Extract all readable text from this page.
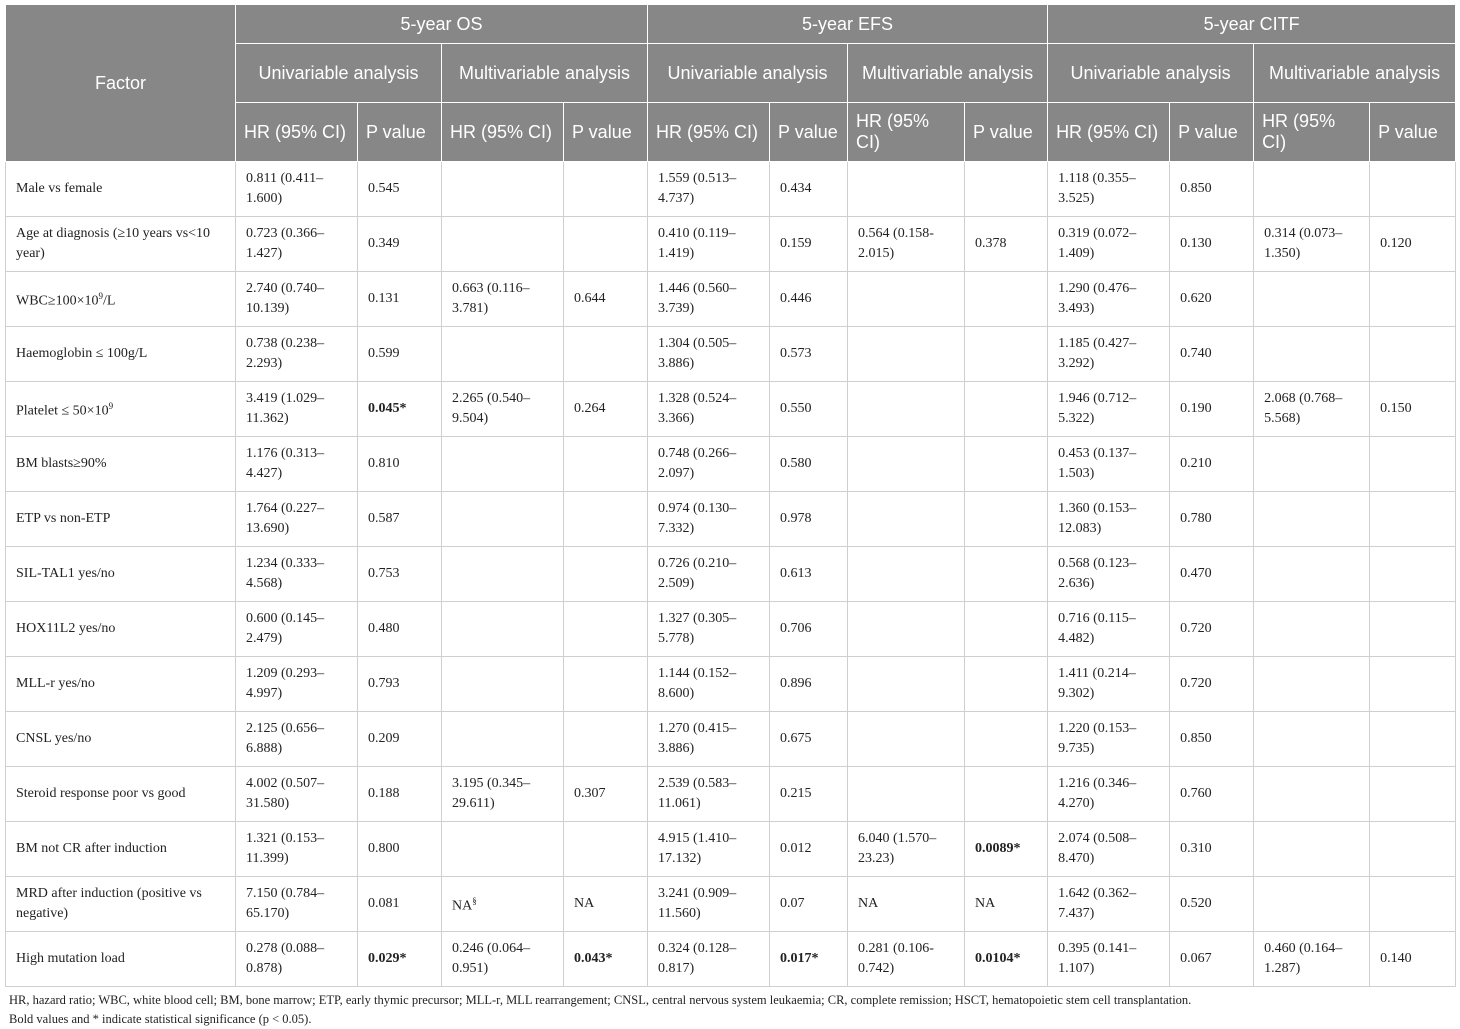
Factor	5-year OS				5-year EFS				5-year CITF			
	Univariable analysis		Multivariable analysis		Univariable analysis		Multivariable analysis		Univariable analysis		Multivariable analysis	
	HR (95% CI)	P value	HR (95% CI)	P value	HR (95% CI)	P value	HR (95% CI)	P value	HR (95% CI)	P value	HR (95% CI)	P value
Male vs female	0.811 (0.411–1.600)	0.545			1.559 (0.513–4.737)	0.434			1.118 (0.355–3.525)	0.850		
Age at diagnosis (≥10 years vs<10 year)	0.723 (0.366–1.427)	0.349			0.410 (0.119–1.419)	0.159	0.564 (0.158-2.015)	0.378	0.319 (0.072–1.409)	0.130	0.314 (0.073–1.350)	0.120
$WBC\ge 100\times 10^9/L$	2.740 (0.740–10.139)	0.131	0.663 (0.116–3.781)	0.644	1.446 (0.560–3.739)	0.446			1.290 (0.476–3.493)	0.620		
Haemoglobin ≤ 100g/L	0.738 (0.238–2.293)	0.599			1.304 (0.505–3.886)	0.573			1.185 (0.427–3.292)	0.740		
Platelet ≤ $50\times 10^9$	3.419 (1.029–11.362)	0.045*	2.265 (0.540–9.504)	0.264	1.328 (0.524–3.366)	0.550			1.946 (0.712–5.322)	0.190	2.068 (0.768–5.568)	0.150
BM blasts≥90%	1.176 (0.313–4.427)	0.810			0.748 (0.266–2.097)	0.580			0.453 (0.137–1.503)	0.210		
ETP vs non-ETP	1.764 (0.227–13.690)	0.587			0.974 (0.130–7.332)	0.978			1.360 (0.153–12.083)	0.780		
SIL-TAL1 yes/no	1.234 (0.333–4.568)	0.753			0.726 (0.210–2.509)	0.613			0.568 (0.123–2.636)	0.470		
HOX11L2 yes/no	0.600 (0.145–2.479)	0.480			1.327 (0.305–5.778)	0.706			0.716 (0.115–4.482)	0.720		
MLL-r yes/no	1.209 (0.293–4.997)	0.793			1.144 (0.152–8.600)	0.896			1.411 (0.214–9.302)	0.720		
CNSL yes/no	2.125 (0.656–6.888)	0.209			1.270 (0.415–3.886)	0.675			1.220 (0.153–9.735)	0.850		
Steroid response poor vs good	4.002 (0.507–31.580)	0.188	3.195 (0.345–29.611)	0.307	2.539 (0.583–11.061)	0.215			1.216 (0.346–4.270)	0.760		
BM not CR after induction	1.321 (0.153–11.399)	0.800			4.915 (1.410–17.132)	0.012	6.040 (1.570–23.23)	0.0089*	2.074 (0.508–8.470)	0.310		
MRD after induction (positive vs negative)	7.150 (0.784–65.170)	0.081	NA§	NA	3.241 (0.909–11.560)	0.07	NA	NA	1.642 (0.362–7.437)	0.520		
High mutation load	0.278 (0.088–0.878)	0.029*	0.246 (0.064–0.951)	0.043*	0.324 (0.128–0.817)	0.017*	0.281 (0.106-0.742)	0.0104*	0.395 (0.141–1.107)	0.067	0.460 (0.164–1.287)	0.140
HR, hazard ratio; WBC, white blood cell; BM, bone marrow; ETP, early thymic precursor; MLL-r, MLL rearrangement; CNSL, central nervous system leukaemia; CR, complete remission; HSCT, hematopoietic stem cell transplantation.
Bold values and * indicate statistical significance (p < 0.05).
